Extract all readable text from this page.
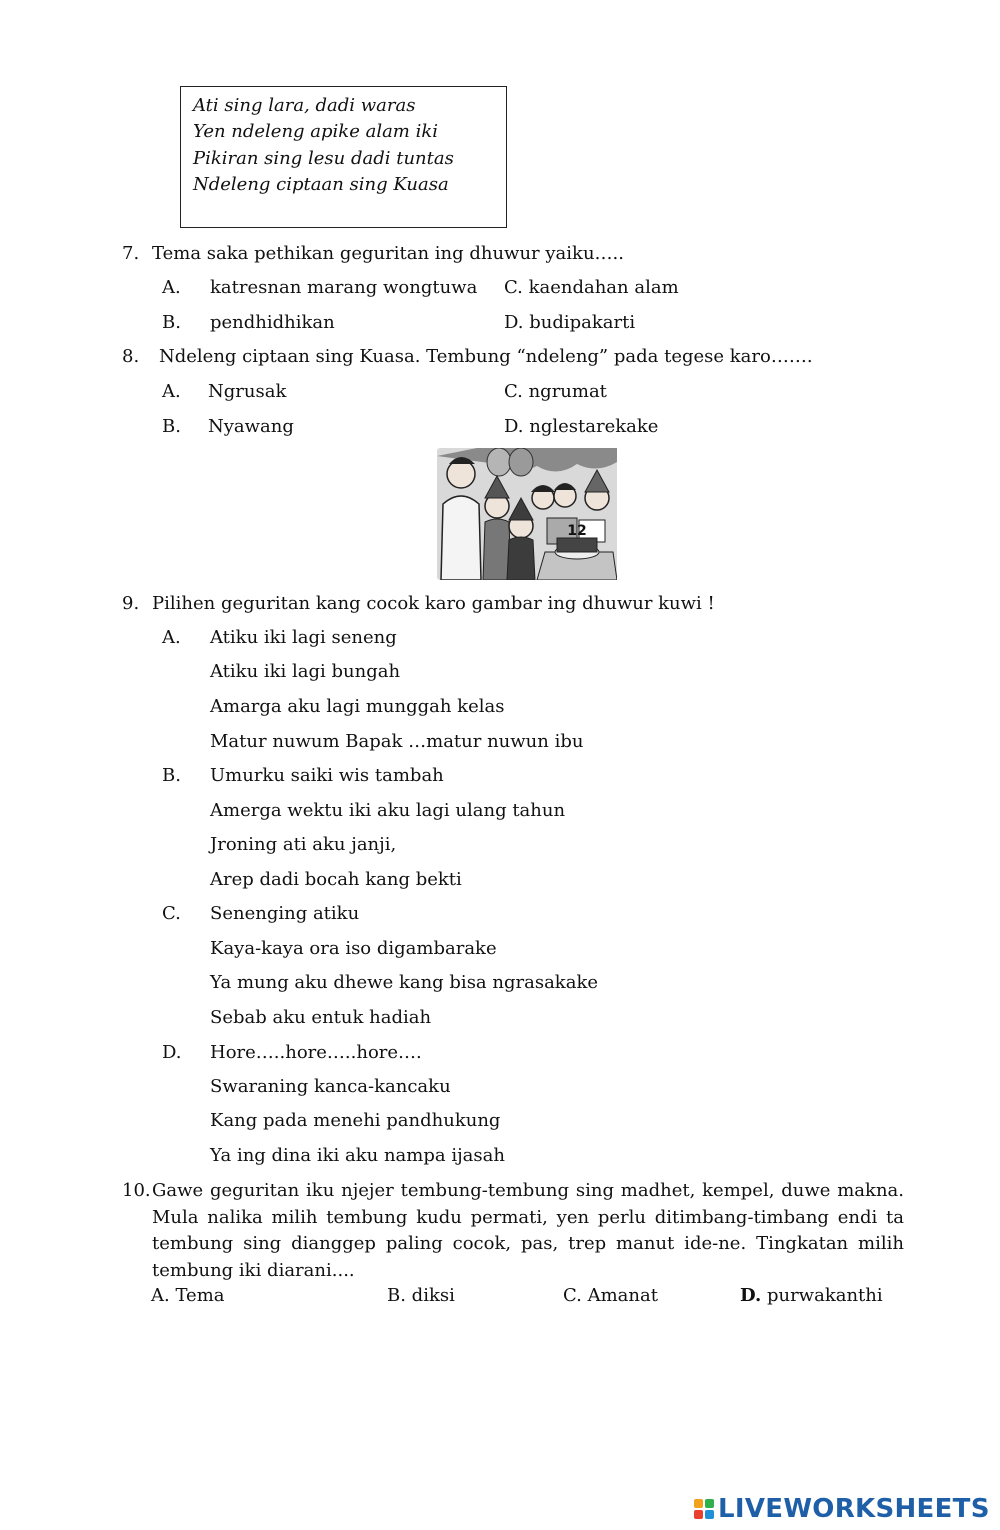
Ati sing lara, dadi waras
Yen ndeleng apike alam iki
Pikiran sing lesu dadi tuntas
Ndeleng ciptaan sing Kuasa
7. Tema saka pethikan geguritan ing dhuwur yaiku…..
A. katresnan marang wongtuwa C. kaendahan alam
B. pendhidhikan	D. budipakarti
8. Ndeleng ciptaan sing Kuasa. Tembung “ndeleng” pada tegese karo…….
A. Ngrusak	C. ngrumat
B. Nyawang	D. nglestarekake
12
9. Pilihen geguritan kang cocok karo gambar ing dhuwur kuwi !
A. Atiku iki lagi seneng
Atiku iki lagi bungah
Amarga aku lagi munggah kelas
Matur nuwum Bapak …matur nuwun ibu
B. Umurku saiki wis tambah
Amerga wektu iki aku lagi ulang tahun
Jroning ati aku janji,
Arep dadi bocah kang bekti
C. Senenging atiku
Kaya-kaya ora iso digambarake
Ya mung aku dhewe kang bisa ngrasakake
Sebab aku entuk hadiah
D. Hore…..hore…..hore….
Swaraning kanca-kancaku
Kang pada menehi pandhukung
Ya ing dina iki aku nampa ijasah
10. Gawe geguritan iku njejer tembung-tembung sing madhet, kempel, duwe makna. Mula nalika milih tembung kudu permati, yen perlu ditimbang-timbang endi ta tembung sing dianggep paling cocok, pas, trep manut ide-ne. Tingkatan milih tembung iki diarani....
A. Tema	B. diksi	C. Amanat	D. purwakanthi
LIVEWORKSHEETS
